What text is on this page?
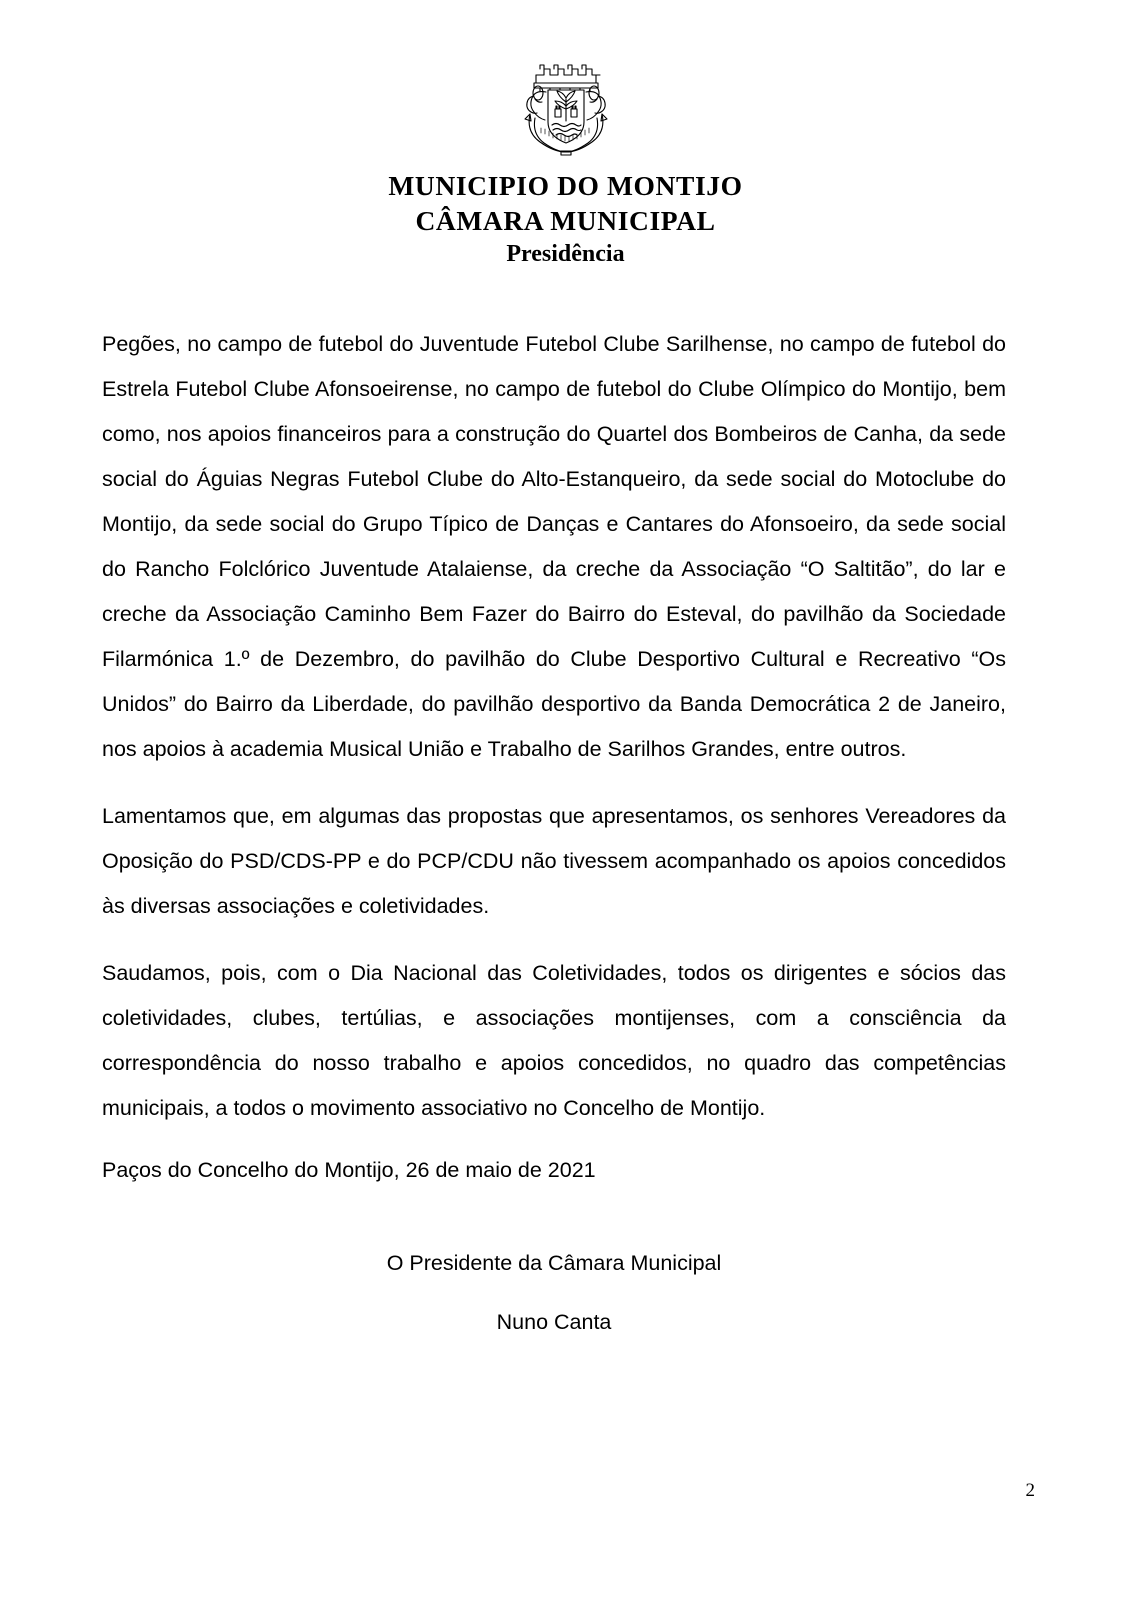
MUNICIPIO DO MONTIJO
CÂMARA MUNICIPAL
Presidência

Pegões, no campo de futebol do Juventude Futebol Clube Sarilhense, no campo de futebol do Estrela Futebol Clube Afonsoeirense, no campo de futebol do Clube Olímpico do Montijo, bem como, nos apoios financeiros para a construção do Quartel dos Bombeiros de Canha, da sede social do Águias Negras Futebol Clube do Alto-Estanqueiro, da sede social do Motoclube do Montijo, da sede social do Grupo Típico de Danças e Cantares do Afonsoeiro, da sede social do Rancho Folclórico Juventude Atalaiense, da creche da Associação “O Saltitão”, do lar e creche da Associação Caminho Bem Fazer do Bairro do Esteval, do pavilhão da Sociedade Filarmónica 1.º de Dezembro, do pavilhão do Clube Desportivo Cultural e Recreativo “Os Unidos” do Bairro da Liberdade, do pavilhão desportivo da Banda Democrática 2 de Janeiro, nos apoios à academia Musical União e Trabalho de Sarilhos Grandes, entre outros.

Lamentamos que, em algumas das propostas que apresentamos, os senhores Vereadores da Oposição do PSD/CDS-PP e do PCP/CDU não tivessem acompanhado os apoios concedidos às diversas associações e coletividades.

Saudamos, pois, com o Dia Nacional das Coletividades, todos os dirigentes e sócios das coletividades, clubes, tertúlias, e associações montijenses, com a consciência da correspondência do nosso trabalho e apoios concedidos, no quadro das competências municipais, a todos o movimento associativo no Concelho de Montijo.

Paços do Concelho do Montijo, 26 de maio de 2021
O Presidente da Câmara Municipal
Nuno Canta
2
